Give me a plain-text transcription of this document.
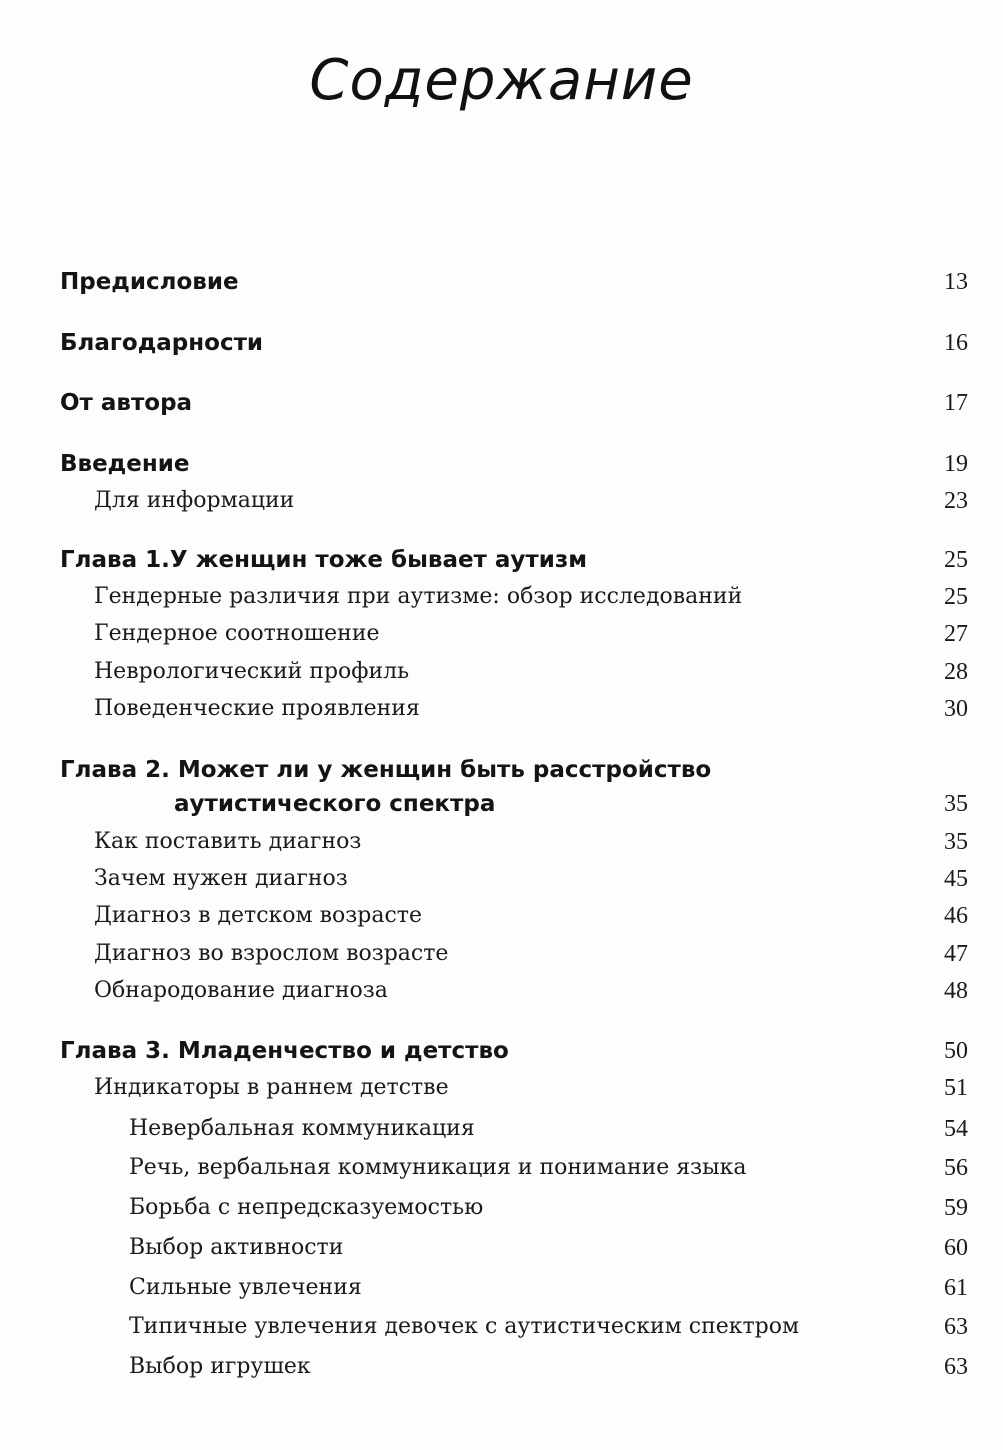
Содержание
Предисловие	13
Благодарности	16
От автора	17
Введение	19
Для информации	23
Глава 1.У женщин тоже бывает аутизм	25
Гендерные различия при аутизме: обзор исследований	25
Гендерное соотношение	27
Неврологический профиль	28
Поведенческие проявления	30
Глава 2. Может ли у женщин быть расстройство
аутистического спектра	35
Как поставить диагноз	35
Зачем нужен диагноз	45
Диагноз в детском возрасте	46
Диагноз во взрослом возрасте	47
Обнародование диагноза	48
Глава 3. Младенчество и детство	50
Индикаторы в раннем детстве	51
Невербальная коммуникация	54
Речь, вербальная коммуникация и понимание языка	56
Борьба с непредсказуемостью	59
Выбор активности	60
Сильные увлечения	61
Типичные увлечения девочек с аутистическим спектром	63
Выбор игрушек	63
